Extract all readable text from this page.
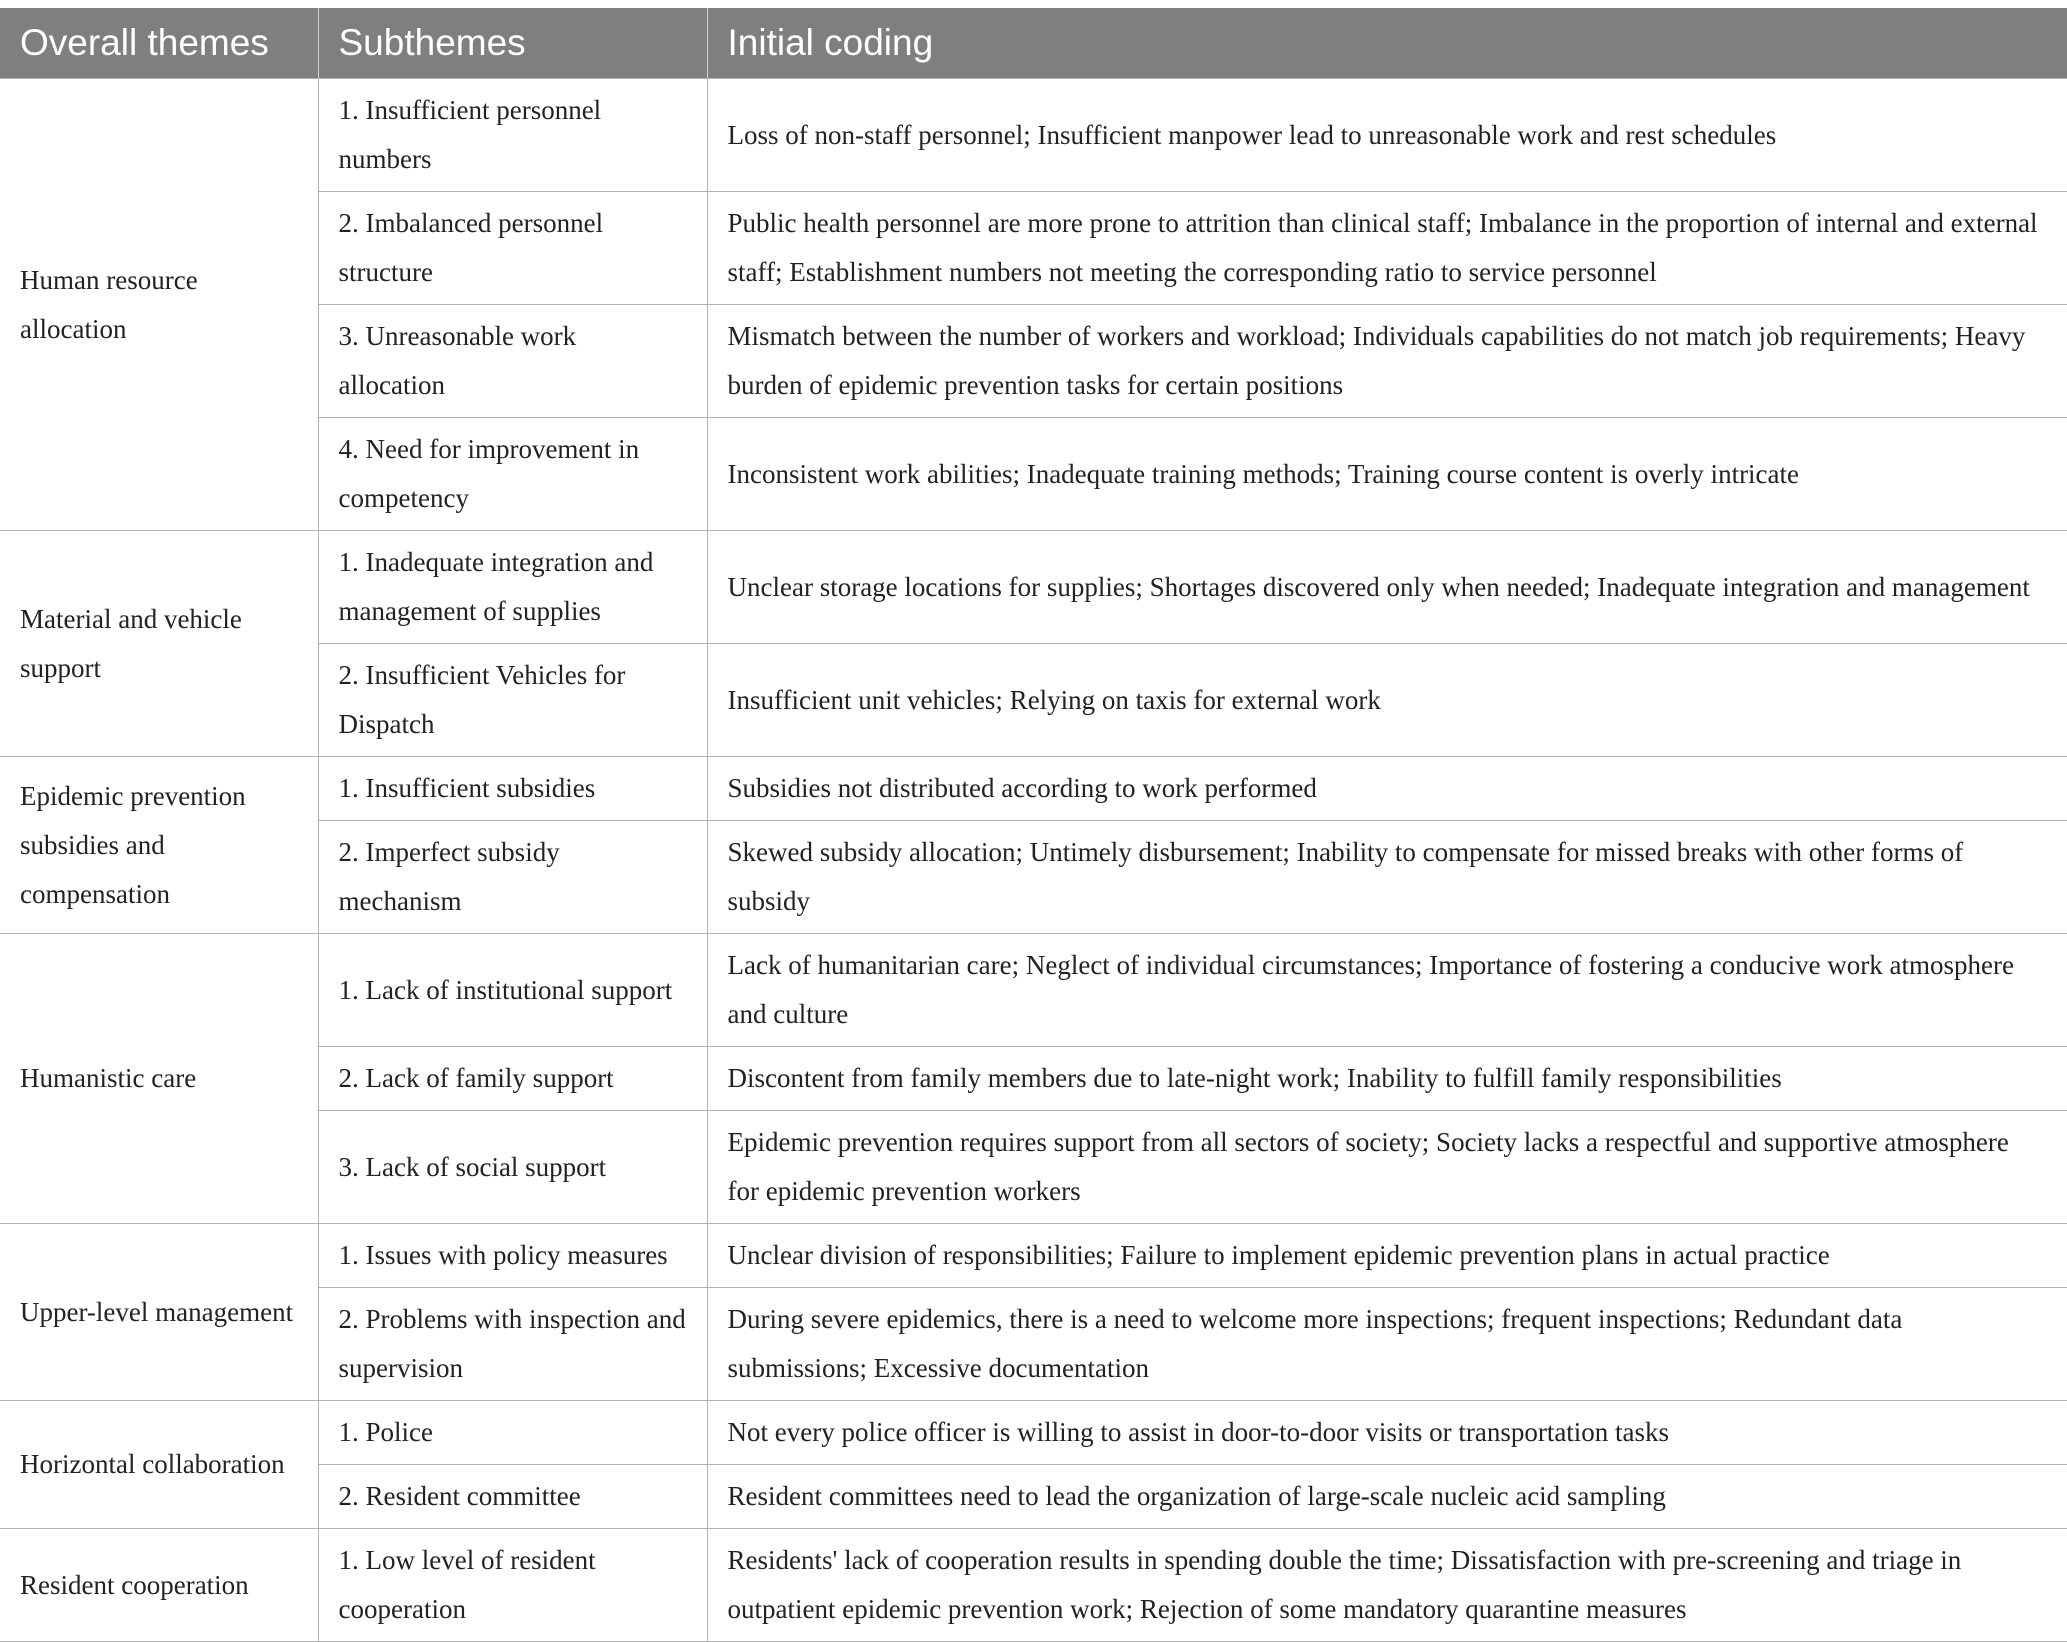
Overall themes	Subthemes	Initial coding
Human resource allocation	1. Insufficient personnel numbers	Loss of non-staff personnel; Insufficient manpower lead to unreasonable work and rest schedules
	2. Imbalanced personnel structure	Public health personnel are more prone to attrition than clinical staff; Imbalance in the proportion of internal and external staff; Establishment numbers not meeting the corresponding ratio to service personnel
	3. Unreasonable work allocation	Mismatch between the number of workers and workload; Individuals capabilities do not match job requirements; Heavy burden of epidemic prevention tasks for certain positions
	4. Need for improvement in competency	Inconsistent work abilities; Inadequate training methods; Training course content is overly intricate
Material and vehicle support	1. Inadequate integration and management of supplies	Unclear storage locations for supplies; Shortages discovered only when needed; Inadequate integration and management
	2. Insufficient Vehicles for Dispatch	Insufficient unit vehicles; Relying on taxis for external work
Epidemic prevention subsidies and compensation	1. Insufficient subsidies	Subsidies not distributed according to work performed
	2. Imperfect subsidy mechanism	Skewed subsidy allocation; Untimely disbursement; Inability to compensate for missed breaks with other forms of subsidy
Humanistic care	1. Lack of institutional support	Lack of humanitarian care; Neglect of individual circumstances; Importance of fostering a conducive work atmosphere and culture
	2. Lack of family support	Discontent from family members due to late-night work; Inability to fulfill family responsibilities
	3. Lack of social support	Epidemic prevention requires support from all sectors of society; Society lacks a respectful and supportive atmosphere for epidemic prevention workers
Upper-level management	1. Issues with policy measures	Unclear division of responsibilities; Failure to implement epidemic prevention plans in actual practice
	2. Problems with inspection and supervision	During severe epidemics, there is a need to welcome more inspections; frequent inspections; Redundant data submissions; Excessive documentation
Horizontal collaboration	1. Police	Not every police officer is willing to assist in door-to-door visits or transportation tasks
	2. Resident committee	Resident committees need to lead the organization of large-scale nucleic acid sampling
Resident cooperation	1. Low level of resident cooperation	Residents' lack of cooperation results in spending double the time; Dissatisfaction with pre-screening and triage in outpatient epidemic prevention work; Rejection of some mandatory quarantine measures
